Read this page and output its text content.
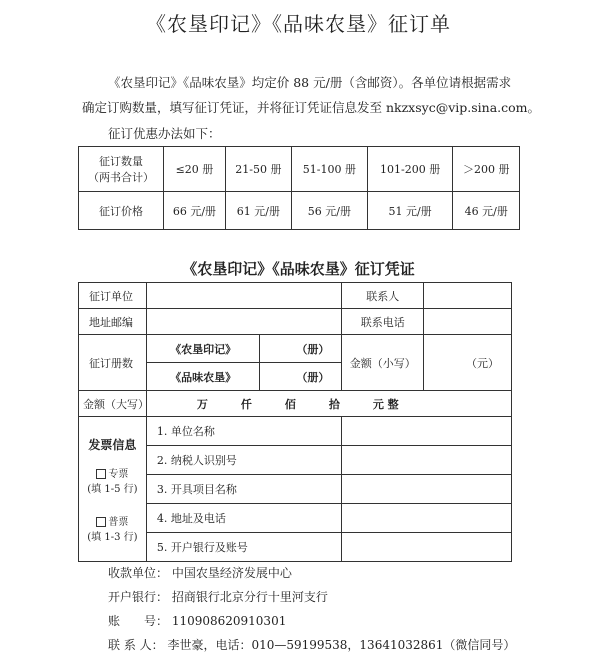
《农垦印记》《品味农垦》征订单
《农垦印记》《品味农垦》均定价 88 元/册（含邮资）。各单位请根据需求
确定订购数量，填写征订凭证，并将征订凭证信息发至 nkzxsyc@vip.sina.com。
征订优惠办法如下：
征订数量
（两书合计）	≤20 册	21-50 册	51-100 册	101-200 册	＞200 册
征订价格	66 元/册	61 元/册	56 元/册	51 元/册	46 元/册
《农垦印记》《品味农垦》征订凭证
征订单位			联系人	
地址邮编			联系电话	
征订册数	《农垦印记》	（册）	金额（小写）	（元）
	《品味农垦》	（册）		
金额（大写）	万　　　仟　　　佰　　　拾　　　元 整			

发票信息
专票
(填 1-5 行)
普票
(填 1-3 行)	1. 单位名称			
	2. 纳税人识别号			
	3. 开具项目名称			
	4. 地址及电话			
	5. 开户银行及账号			
收款单位： 中国农垦经济发展中心
开户银行： 招商银行北京分行十里河支行
账　　号： 110908620910301
联 系 人： 李世豪，电话：010—59199538，13641032861（微信同号）
